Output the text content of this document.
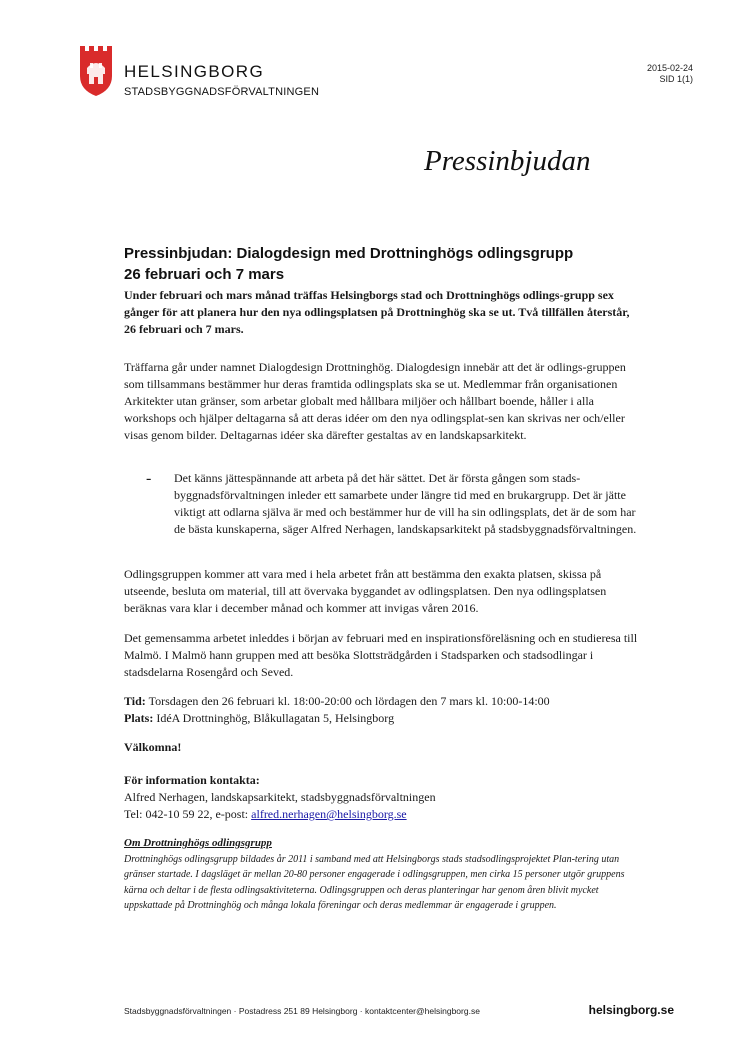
HELSINGBORG
STADSBYGGNADSFÖRVALTNINGEN
2015-02-24
SID 1(1)
Pressinbjudan
Pressinbjudan: Dialogdesign med Drottninghögs odlingsgrupp
26 februari och 7 mars

Under februari och mars månad träffas Helsingborgs stad och Drottninghögs odlings-grupp sex gånger för att planera hur den nya odlingsplatsen på Drottninghög ska se ut. Två tillfällen återstår, 26 februari och 7 mars.

Träffarna går under namnet Dialogdesign Drottninghög. Dialogdesign innebär att det är odlings-gruppen som tillsammans bestämmer hur deras framtida odlingsplats ska se ut. Medlemmar från organisationen Arkitekter utan gränser, som arbetar globalt med hållbara miljöer och hållbart boende, håller i alla workshops och hjälper deltagarna så att deras idéer om den nya odlingsplat-sen kan skrivas ner och/eller visas genom bilder. Deltagarnas idéer ska därefter gestaltas av en landskapsarkitekt.

- Det känns jättespännande att arbeta på det här sättet. Det är första gången som stads-byggnadsförvaltningen inleder ett samarbete under längre tid med en brukargrupp. Det är jätte viktigt att odlarna själva är med och bestämmer hur de vill ha sin odlingsplats, det är de som har de bästa kunskaperna, säger Alfred Nerhagen, landskapsarkitekt på stadsbyggnadsförvaltningen.

Odlingsgruppen kommer att vara med i hela arbetet från att bestämma den exakta platsen, skissa på utseende, besluta om material, till att övervaka byggandet av odlingsplatsen. Den nya odlingsplatsen beräknas vara klar i december månad och kommer att invigas våren 2016.

Det gemensamma arbetet inleddes i början av februari med en inspirationsföreläsning och en studieresa till Malmö. I Malmö hann gruppen med att besöka Slottsträdgården i Stadsparken och stadsodlingar i stadsdelarna Rosengård och Seved.

Tid: Torsdagen den 26 februari kl. 18:00-20:00 och lördagen den 7 mars kl. 10:00-14:00
Plats: IdéA Drottninghög, Blåkullagatan 5, Helsingborg
Välkomna!
För information kontakta:
Alfred Nerhagen, landskapsarkitekt, stadsbyggnadsförvaltningen
Tel: 042-10 59 22, e-post: alfred.nerhagen@helsingborg.se
Om Drottninghögs odlingsgrupp
Drottninghögs odlingsgrupp bildades år 2011 i samband med att Helsingborgs stads stadsodlingsprojektet Plan-tering utan gränser startade. I dagsläget är mellan 20-80 personer engagerade i odlingsgruppen, men cirka 15 personer utgör gruppens kärna och deltar i de flesta odlingsaktiviteterna. Odlingsgruppen och deras planteringar har genom åren blivit mycket uppskattade på Drottninghög och många lokala föreningar och deras medlemmar är engagerade i gruppen.
Stadsbyggnadsförvaltningen · Postadress 251 89 Helsingborg · kontaktcenter@helsingborg.se	helsingborg.se
